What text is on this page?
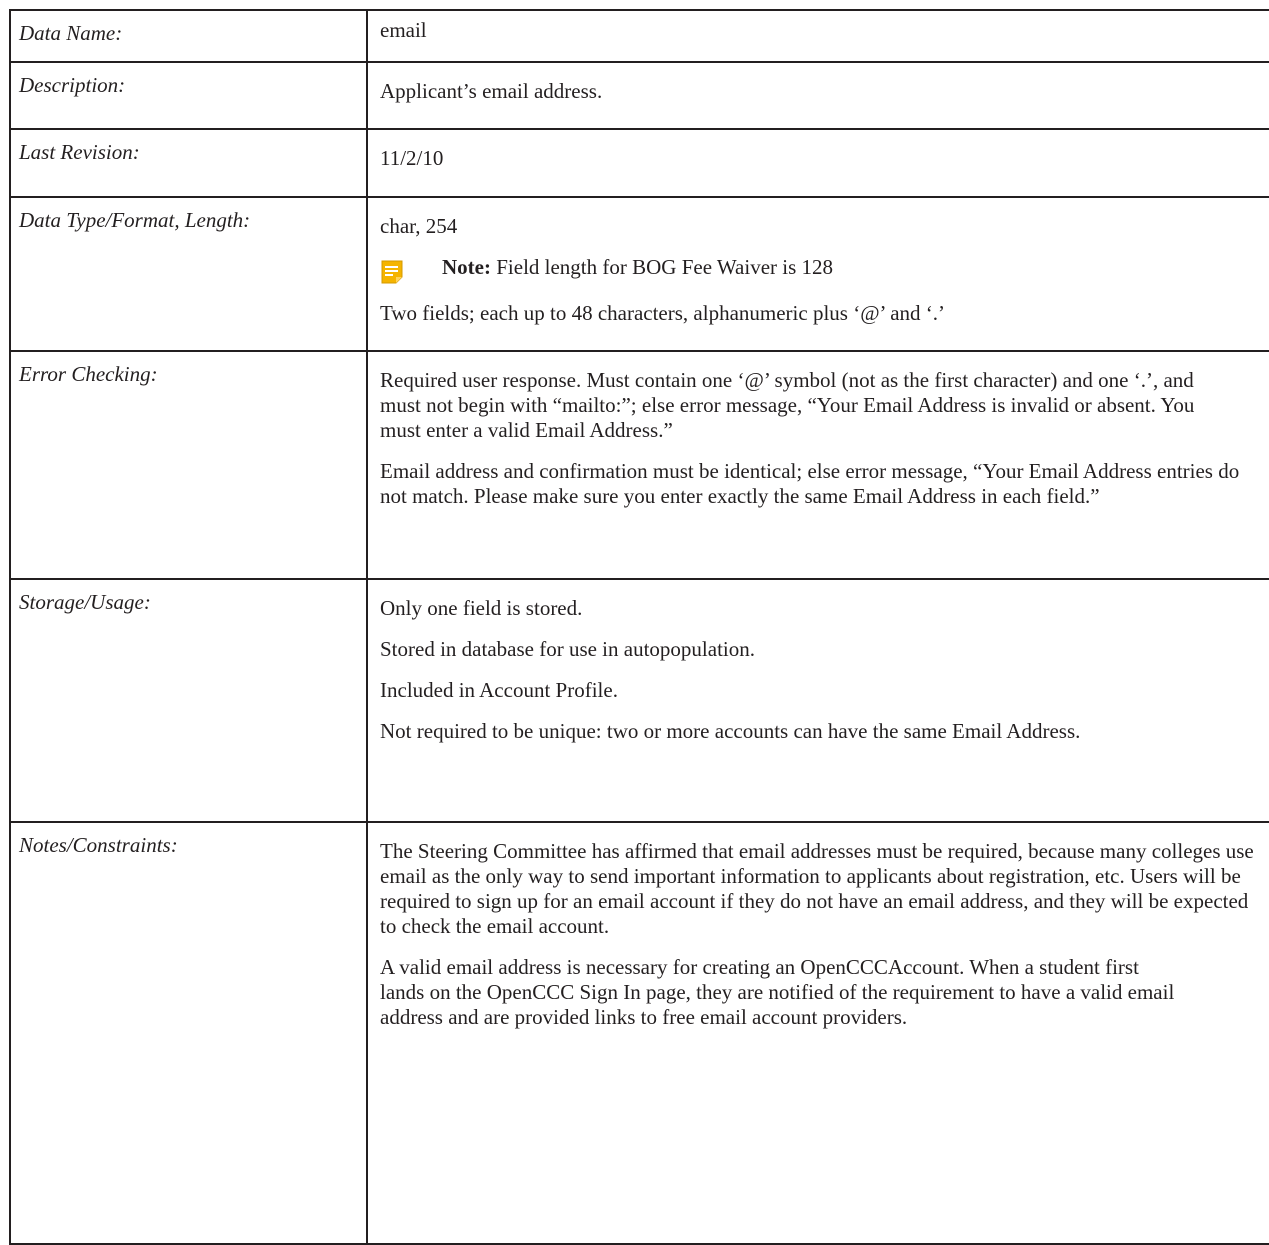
Data Name:	email

Description:	Applicant’s email address.

Last Revision:	11/2/10

Data Type/Format, Length:	char, 254

Note: Field length for BOG Fee Waiver is 128

Two fields; each up to 48 characters, alphanumeric plus ‘@’ and ‘.’

Error Checking:	Required user response. Must contain one ‘@’ symbol (not as the first character) and one ‘.’, and must not begin with “mailto:”; else error message, “Your Email Address is invalid or absent. You must enter a valid Email Address.”

Email address and confirmation must be identical; else error message, “Your Email Address entries do not match. Please make sure you enter exactly the same Email Address in each field.”

Storage/Usage:	Only one field is stored.

Stored in database for use in autopopulation.

Included in Account Profile.

Not required to be unique: two or more accounts can have the same Email Address.

Notes/Constraints:	The Steering Committee has affirmed that email addresses must be required, because many colleges use email as the only way to send important information to applicants about registration, etc. Users will be required to sign up for an email account if they do not have an email address, and they will be expected to check the email account.

A valid email address is necessary for creating an OpenCCCAccount. When a student first lands on the OpenCCC Sign In page, they are notified of the requirement to have a valid email address and are provided links to free email account providers.
